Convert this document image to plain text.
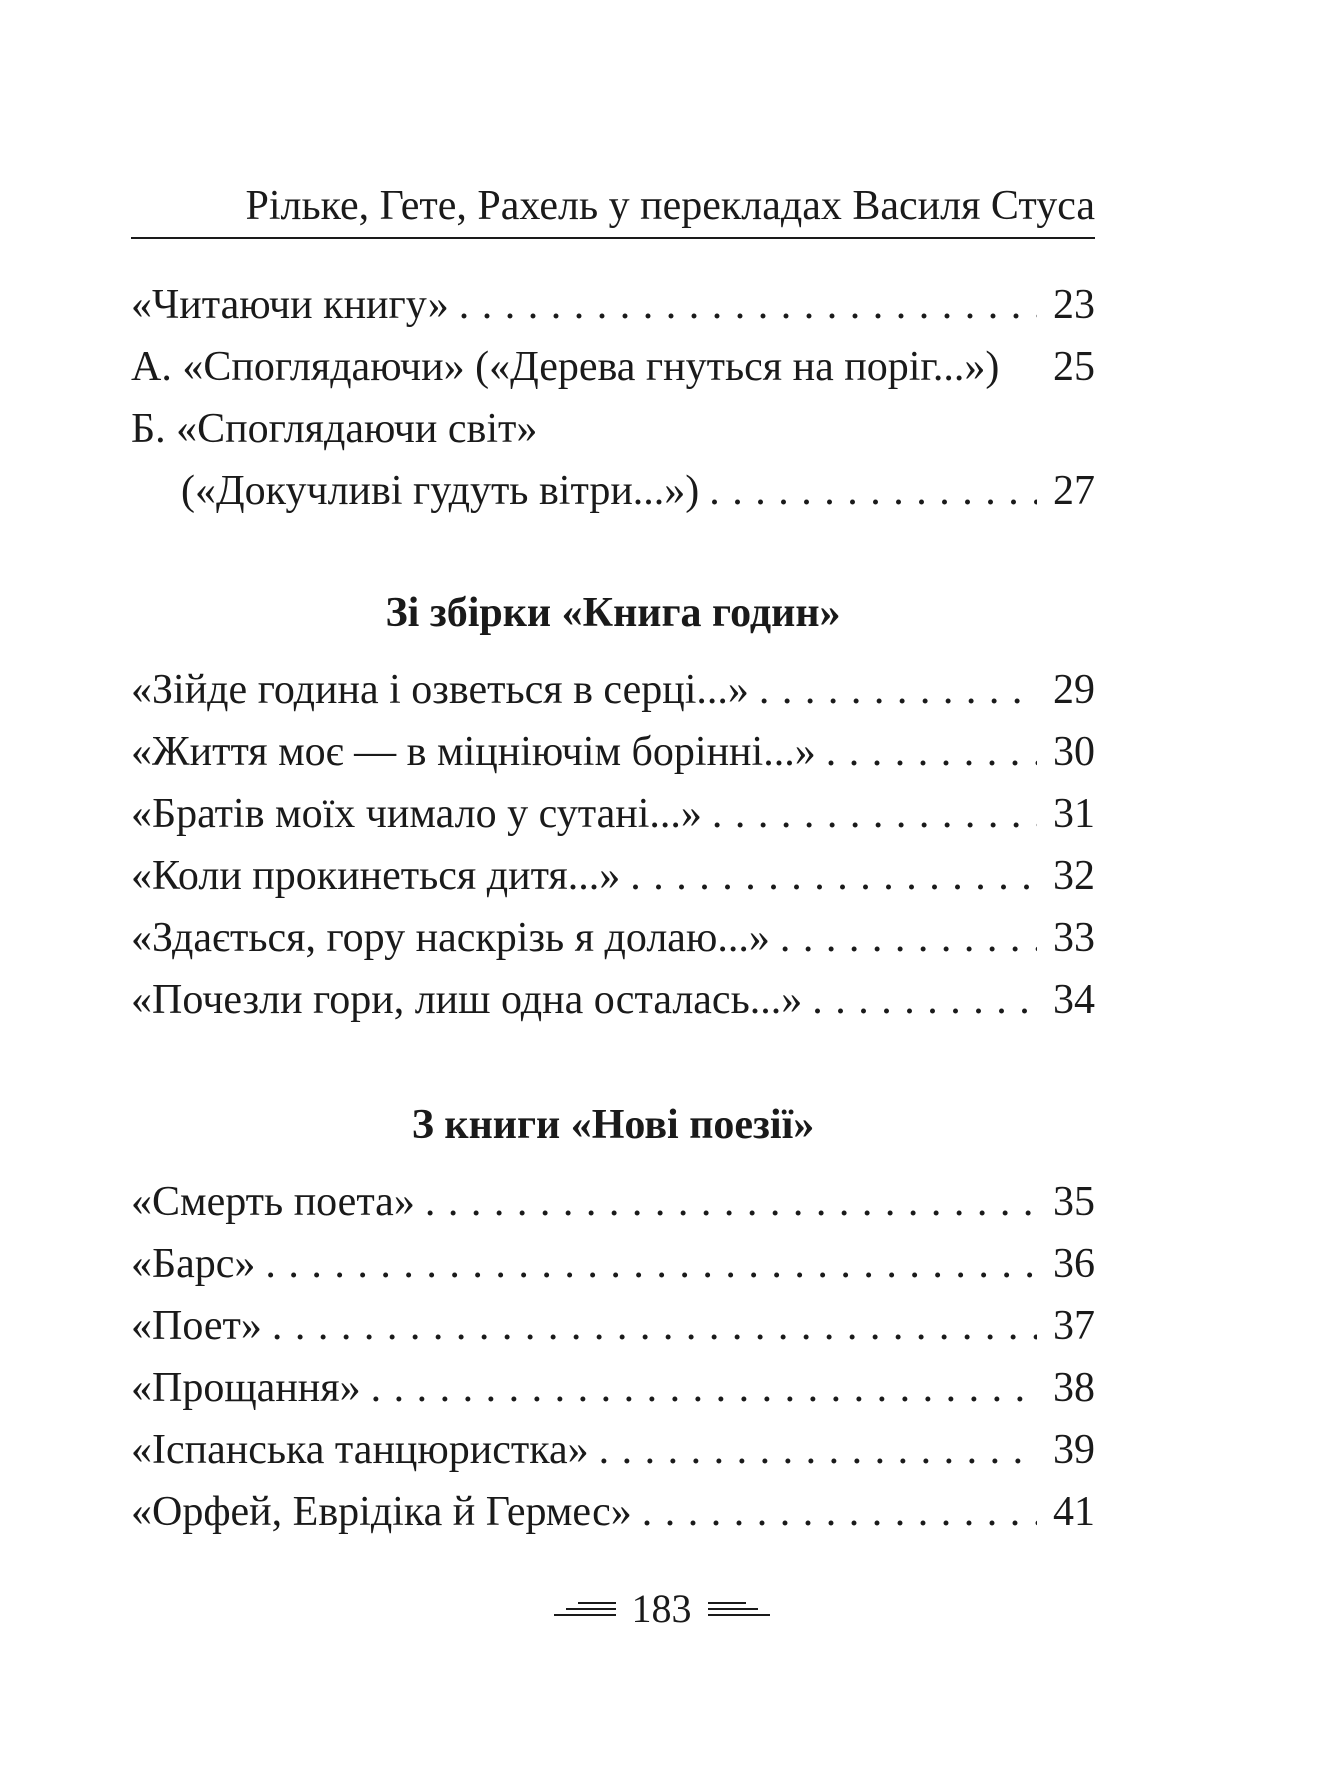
Рільке, Гете, Рахель у перекладах Василя Стуса
«Читаючи книгу» . . .	23
А. «Споглядаючи» («Дерева гнуться на поріг...») 25
Б. «Споглядаючи світ»
(«Докучливі гудуть вітри...») . . .	27
Зі збірки «Книга годин»
«Зійде година і озветься в серці...» . . .	29
«Життя моє — в міцніючім борінні...» . . .	30
«Братів моїх чимало у сутані...» . . .	31
«Коли прокинеться дитя...» . . .	32
«Здається, гору наскрізь я долаю...» . . .	33
«Почезли гори, лиш одна осталась...» . . .	34
З книги «Нові поезії»
«Смерть поета» . . .	35
«Барс» . . .	36
«Поет» . . .	37
«Прощання» . . .	38
«Іспанська танцюристка» . . .	39
«Орфей, Еврідіка й Гермес» . . .	41
183
